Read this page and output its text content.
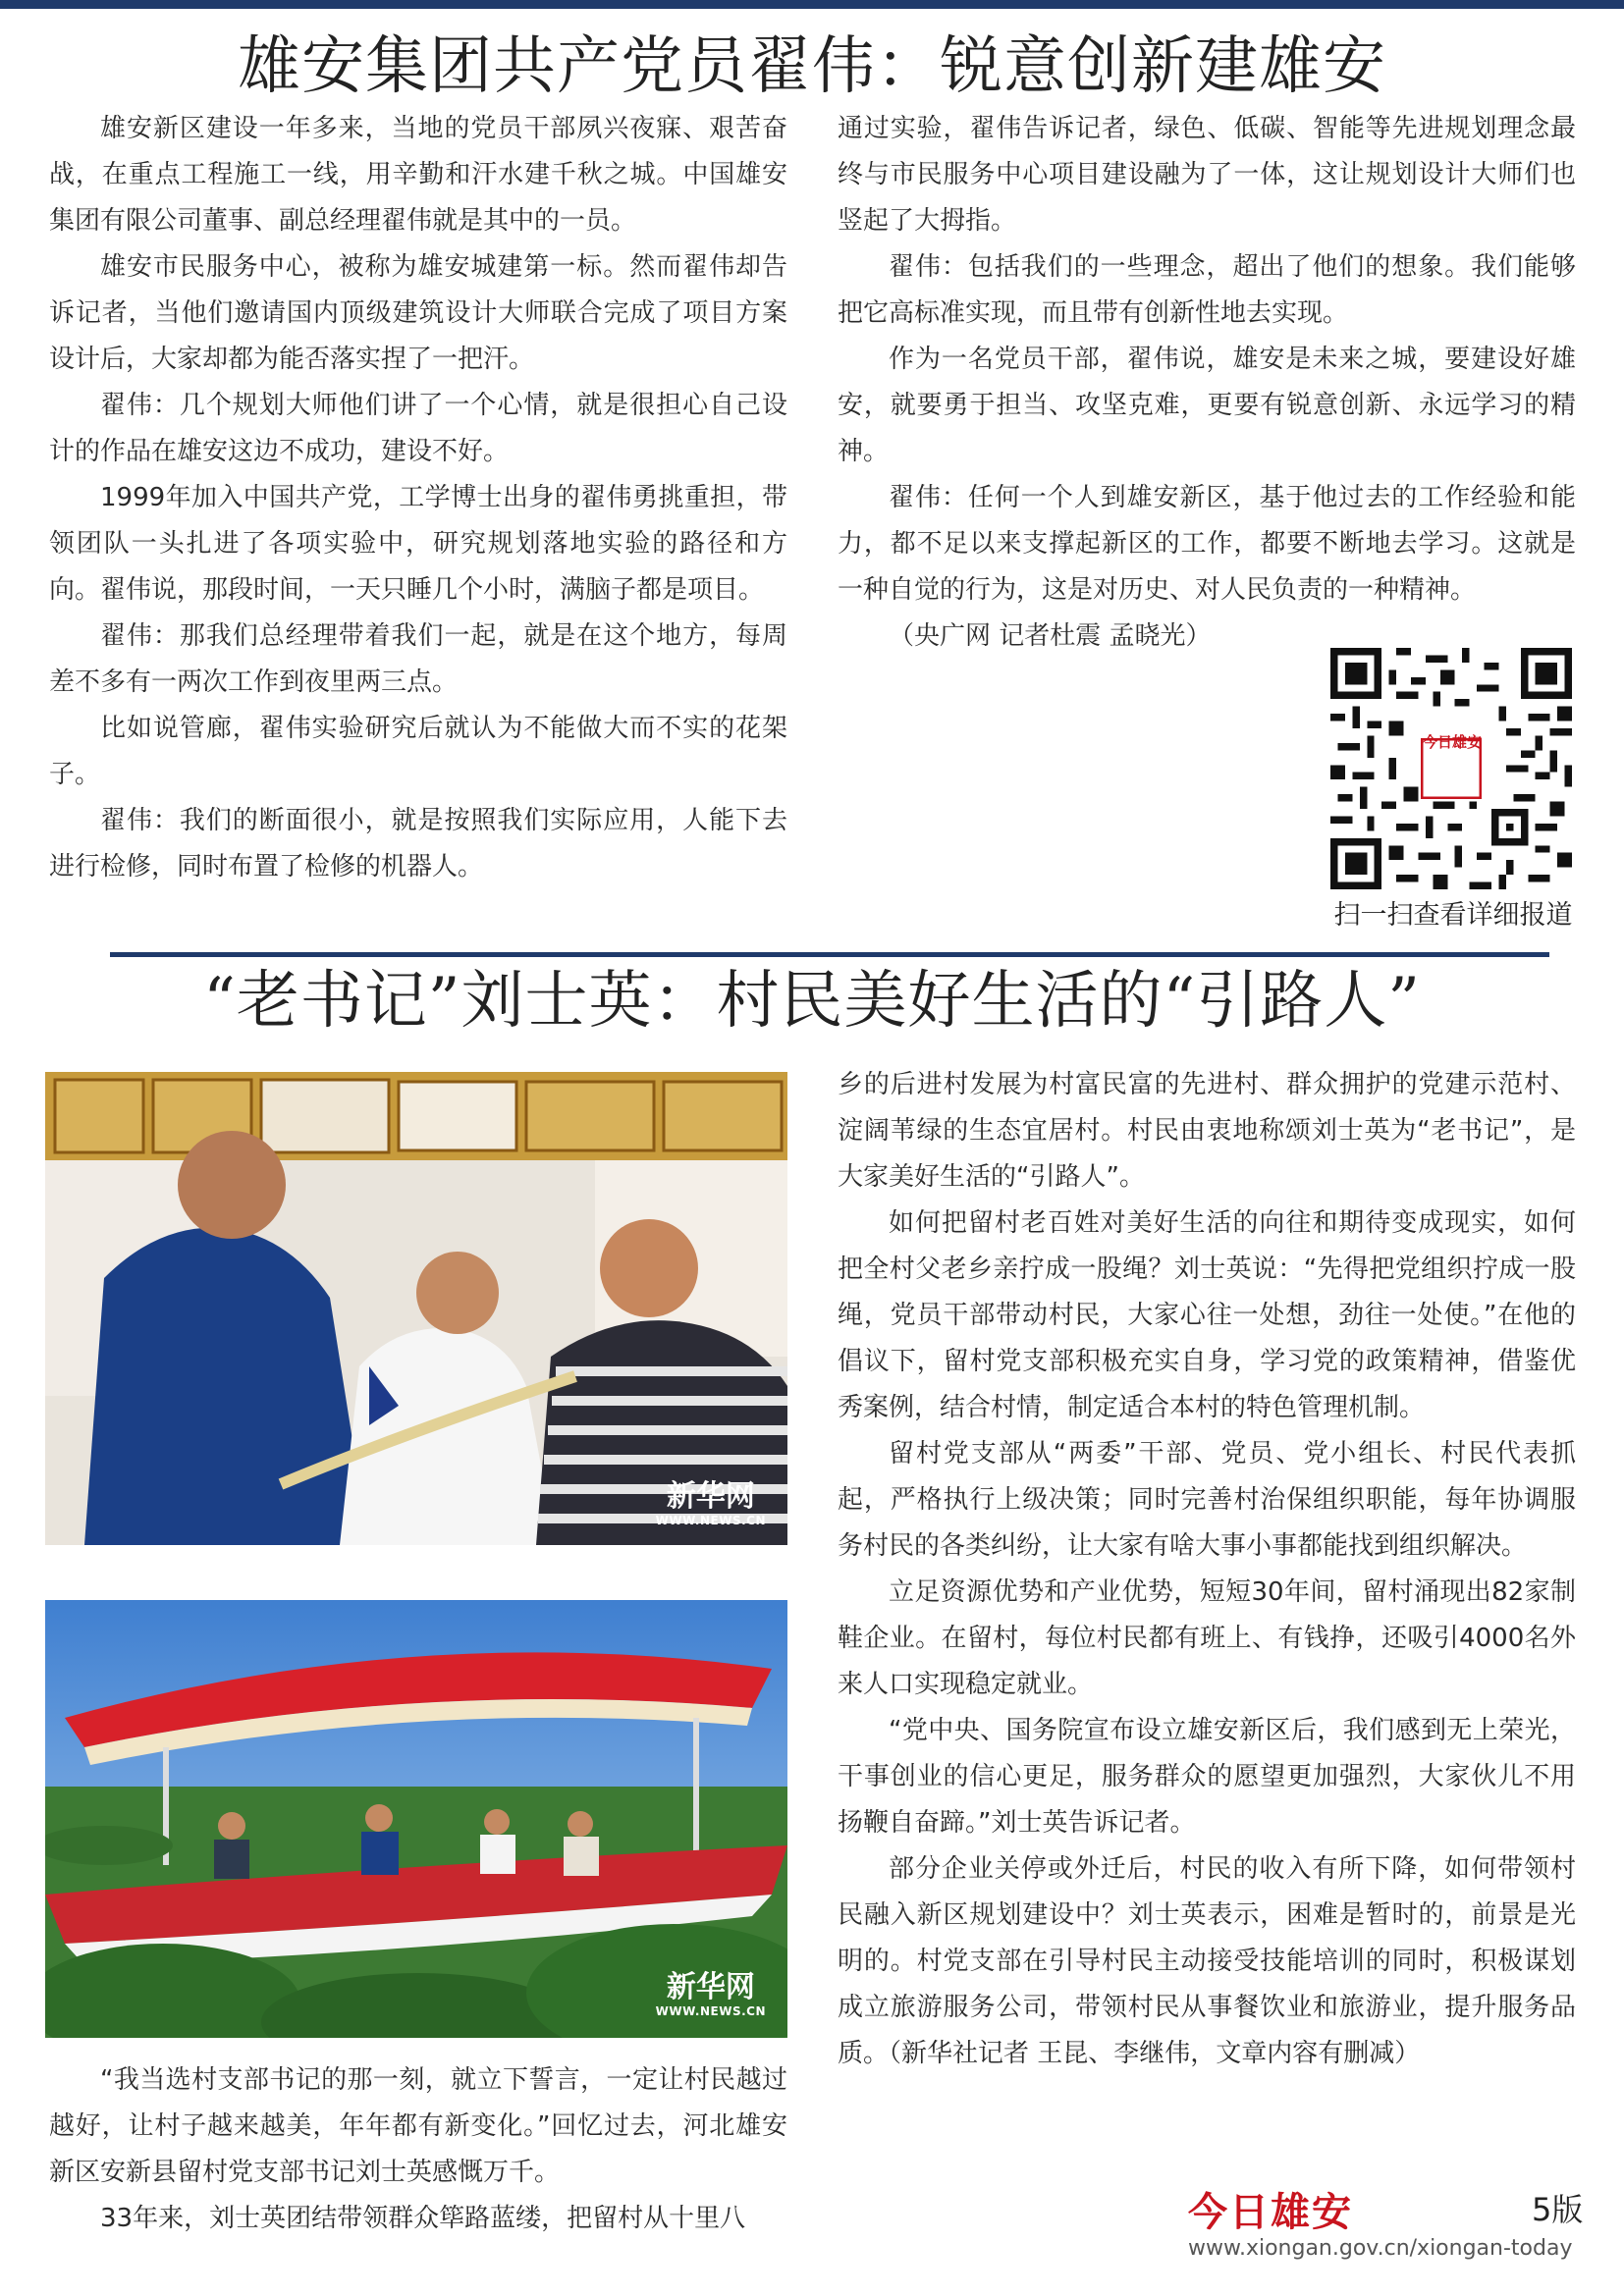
雄安集团共产党员翟伟：锐意创新建雄安

雄安新区建设一年多来，当地的党员干部夙兴夜寐、艰苦奋战，在重点工程施工一线，用辛勤和汗水建千秋之城。中国雄安集团有限公司董事、副总经理翟伟就是其中的一员。

雄安市民服务中心，被称为雄安城建第一标。然而翟伟却告诉记者，当他们邀请国内顶级建筑设计大师联合完成了项目方案设计后，大家却都为能否落实捏了一把汗。

翟伟：几个规划大师他们讲了一个心情，就是很担心自己设计的作品在雄安这边不成功，建设不好。

1999年加入中国共产党，工学博士出身的翟伟勇挑重担，带领团队一头扎进了各项实验中，研究规划落地实验的路径和方向。翟伟说，那段时间，一天只睡几个小时，满脑子都是项目。

翟伟：那我们总经理带着我们一起，就是在这个地方，每周差不多有一两次工作到夜里两三点。

比如说管廊，翟伟实验研究后就认为不能做大而不实的花架子。

翟伟：我们的断面很小，就是按照我们实际应用，人能下去进行检修，同时布置了检修的机器人。

通过实验，翟伟告诉记者，绿色、低碳、智能等先进规划理念最终与市民服务中心项目建设融为了一体，这让规划设计大师们也竖起了大拇指。

翟伟：包括我们的一些理念，超出了他们的想象。我们能够把它高标准实现，而且带有创新性地去实现。

作为一名党员干部，翟伟说，雄安是未来之城，要建设好雄安，就要勇于担当、攻坚克难，更要有锐意创新、永远学习的精神。

翟伟：任何一个人到雄安新区，基于他过去的工作经验和能力，都不足以来支撑起新区的工作，都要不断地去学习。这就是一种自觉的行为，这是对历史、对人民负责的一种精神。

（央广网 记者杜震 孟晓光）

今日雄安
扫一扫查看详细报道
“老书记”刘士英：村民美好生活的“引路人”
新华网
WWW.NEWS.CN
新华网
WWW.NEWS.CN

“我当选村支部书记的那一刻，就立下誓言，一定让村民越过越好，让村子越来越美，年年都有新变化。”回忆过去，河北雄安新区安新县留村党支部书记刘士英感慨万千。

33年来，刘士英团结带领群众筚路蓝缕，把留村从十里八

乡的后进村发展为村富民富的先进村、群众拥护的党建示范村、淀阔苇绿的生态宜居村。村民由衷地称颂刘士英为“老书记”，是大家美好生活的“引路人”。

如何把留村老百姓对美好生活的向往和期待变成现实，如何把全村父老乡亲拧成一股绳？刘士英说：“先得把党组织拧成一股绳，党员干部带动村民，大家心往一处想，劲往一处使。”在他的倡议下，留村党支部积极充实自身，学习党的政策精神，借鉴优秀案例，结合村情，制定适合本村的特色管理机制。

留村党支部从“两委”干部、党员、党小组长、村民代表抓起，严格执行上级决策；同时完善村治保组织职能，每年协调服务村民的各类纠纷，让大家有啥大事小事都能找到组织解决。

立足资源优势和产业优势，短短30年间，留村涌现出82家制鞋企业。在留村，每位村民都有班上、有钱挣，还吸引4000名外来人口实现稳定就业。

“党中央、国务院宣布设立雄安新区后，我们感到无上荣光，干事创业的信心更足，服务群众的愿望更加强烈，大家伙儿不用扬鞭自奋蹄。”刘士英告诉记者。

部分企业关停或外迁后，村民的收入有所下降，如何带领村民融入新区规划建设中？刘士英表示，困难是暂时的，前景是光明的。村党支部在引导村民主动接受技能培训的同时，积极谋划成立旅游服务公司，带领村民从事餐饮业和旅游业，提升服务品质。（新华社记者 王昆、李继伟，文章内容有删减）

今日雄安	5版
www.xiongan.gov.cn/xiongan-today
